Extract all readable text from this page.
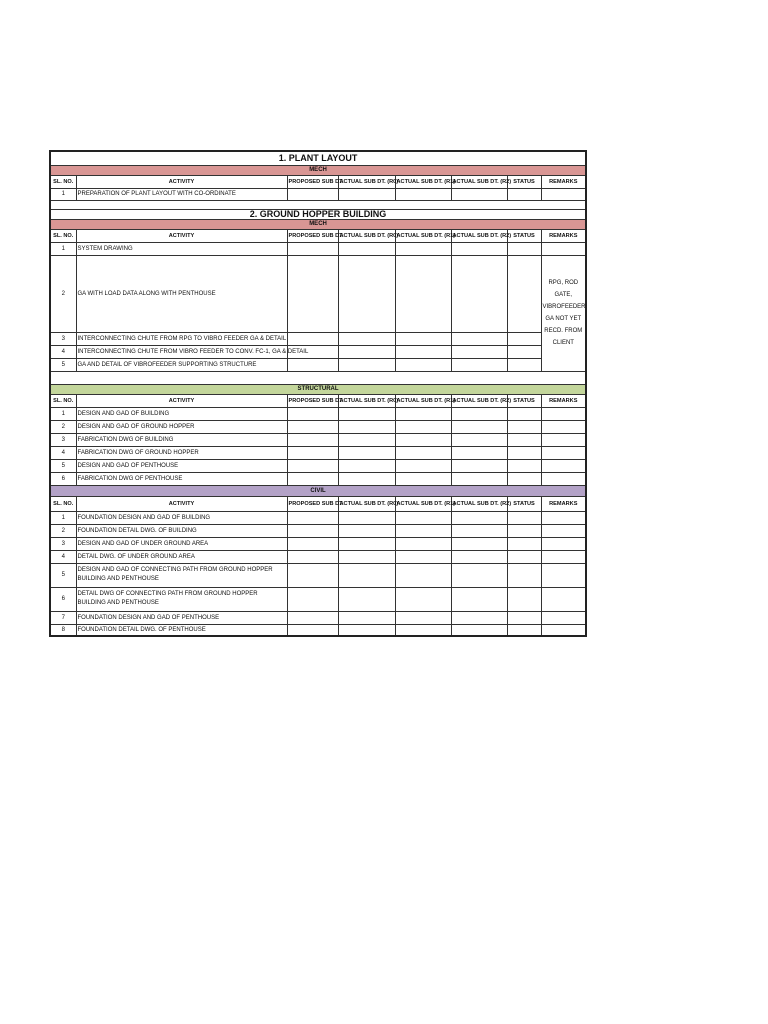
1. PLANT LAYOUT							
MECH							
SL. NO.	ACTIVITY	PROPOSED SUB DT.	ACTUAL SUB DT. (R0)	ACTUAL SUB DT. (R1)	ACTUAL SUB DT. (R2)	STATUS	REMARKS
1	PREPARATION OF PLANT LAYOUT WITH CO-ORDINATE						

2. GROUND HOPPER BUILDING							
MECH							
SL. NO.	ACTIVITY	PROPOSED SUB DT.	ACTUAL SUB DT. (R0)	ACTUAL SUB DT. (R1)	ACTUAL SUB DT. (R2)	STATUS	REMARKS
1	SYSTEM DRAWING						
2	GA WITH LOAD DATA ALONG WITH PENTHOUSE						RPG, ROD GATE, VIBROFEEDER GA NOT YET RECD. FROM CLIENT
3	INTERCONNECTING CHUTE FROM RPG TO VIBRO FEEDER GA & DETAIL						
4	INTERCONNECTING CHUTE FROM VIBRO FEEDER TO CONV. FC-1, GA & DETAIL						
5	GA AND DETAIL OF VIBROFEEDER SUPPORTING STRUCTURE						

STRUCTURAL							
SL. NO.	ACTIVITY	PROPOSED SUB DT.	ACTUAL SUB DT. (R0)	ACTUAL SUB DT. (R1)	ACTUAL SUB DT. (R2)	STATUS	REMARKS
1	DESIGN AND GAD OF BUILDING						
2	DESIGN AND GAD OF GROUND HOPPER						
3	FABRICATION DWG OF BUILDING						
4	FABRICATION DWG OF GROUND HOPPER						
5	DESIGN AND GAD OF PENTHOUSE						
6	FABRICATION DWG OF PENTHOUSE						
CIVIL							
SL. NO.	ACTIVITY	PROPOSED SUB DT.	ACTUAL SUB DT. (R0)	ACTUAL SUB DT. (R1)	ACTUAL SUB DT. (R2)	STATUS	REMARKS
1	FOUNDATION DESIGN AND GAD OF BUILDING						
2	FOUNDATION DETAIL DWG. OF BUILDING						
3	DESIGN AND GAD OF UNDER GROUND AREA						
4	DETAIL DWG. OF UNDER GROUND AREA						
5	DESIGN AND GAD OF CONNECTING PATH FROM GROUND HOPPER BUILDING AND PENTHOUSE						
6	DETAIL DWG OF CONNECTING PATH FROM GROUND HOPPER BUILDING AND PENTHOUSE						
7	FOUNDATION DESIGN AND GAD OF PENTHOUSE						
8	FOUNDATION DETAIL DWG. OF PENTHOUSE						
